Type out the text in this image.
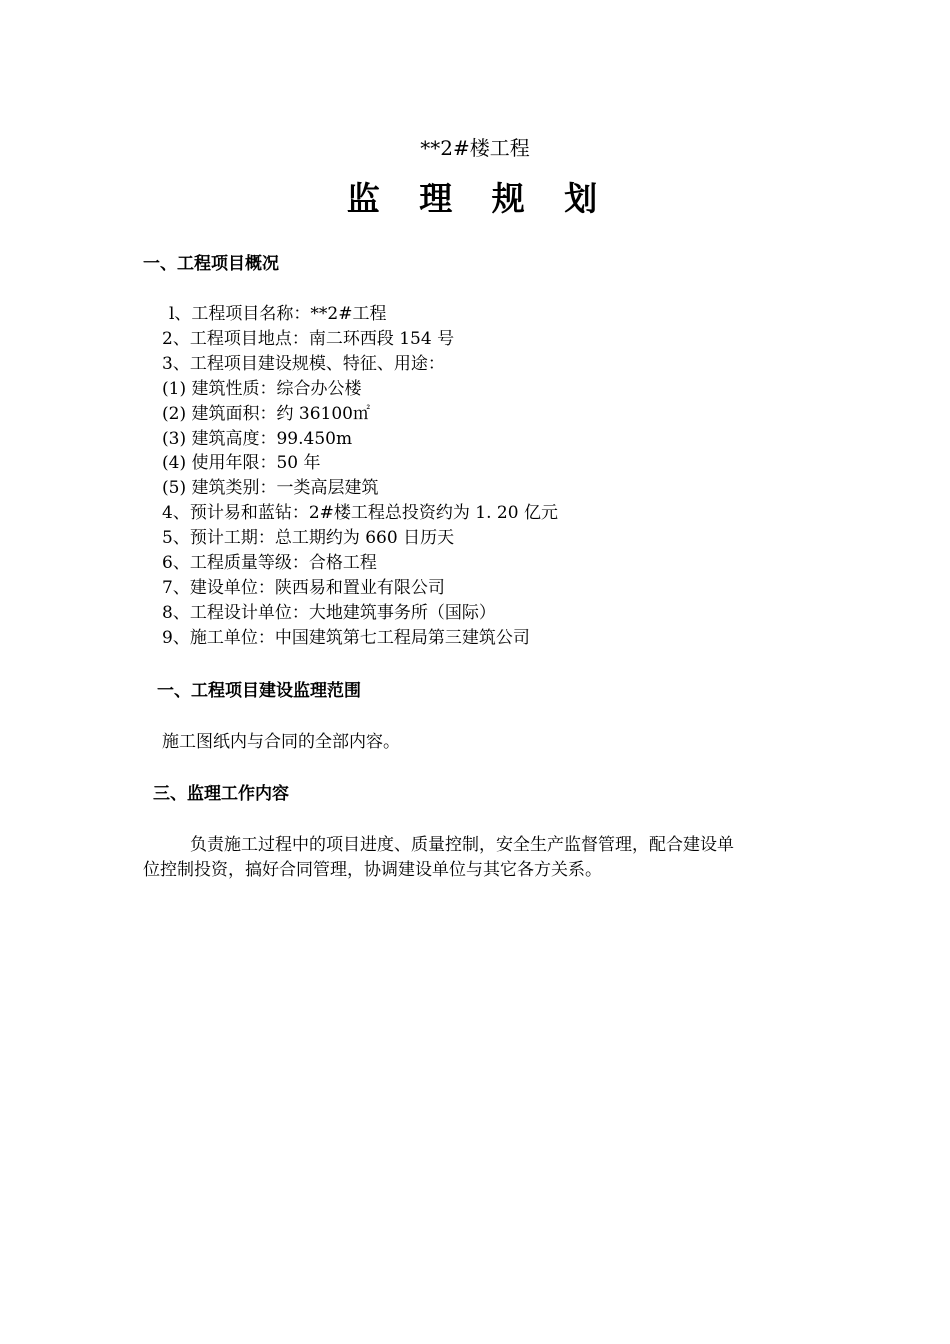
**2#楼工程
监 理 规 划
一、工程项目概况
l、工程项目名称：**2#工程
2、工程项目地点：南二环西段 154 号
3、工程项目建设规模、特征、用途：
(1) 建筑性质：综合办公楼
(2) 建筑面积：约 36100㎡
(3) 建筑高度：99.450m
(4) 使用年限：50 年
(5) 建筑类别：一类高层建筑
4、预计易和蓝钻：2#楼工程总投资约为 1. 20 亿元
5、预计工期：总工期约为 660 日历天
6、工程质量等级：合格工程
7、建设单位：陕西易和置业有限公司
8、工程设计单位：大地建筑事务所（国际）
9、施工单位：中国建筑第七工程局第三建筑公司
一、工程项目建设监理范围
施工图纸内与合同的全部内容。
三、监理工作内容
负责施工过程中的项目进度、质量控制，安全生产监督管理，配合建设单
位控制投资，搞好合同管理，协调建设单位与其它各方关系。
